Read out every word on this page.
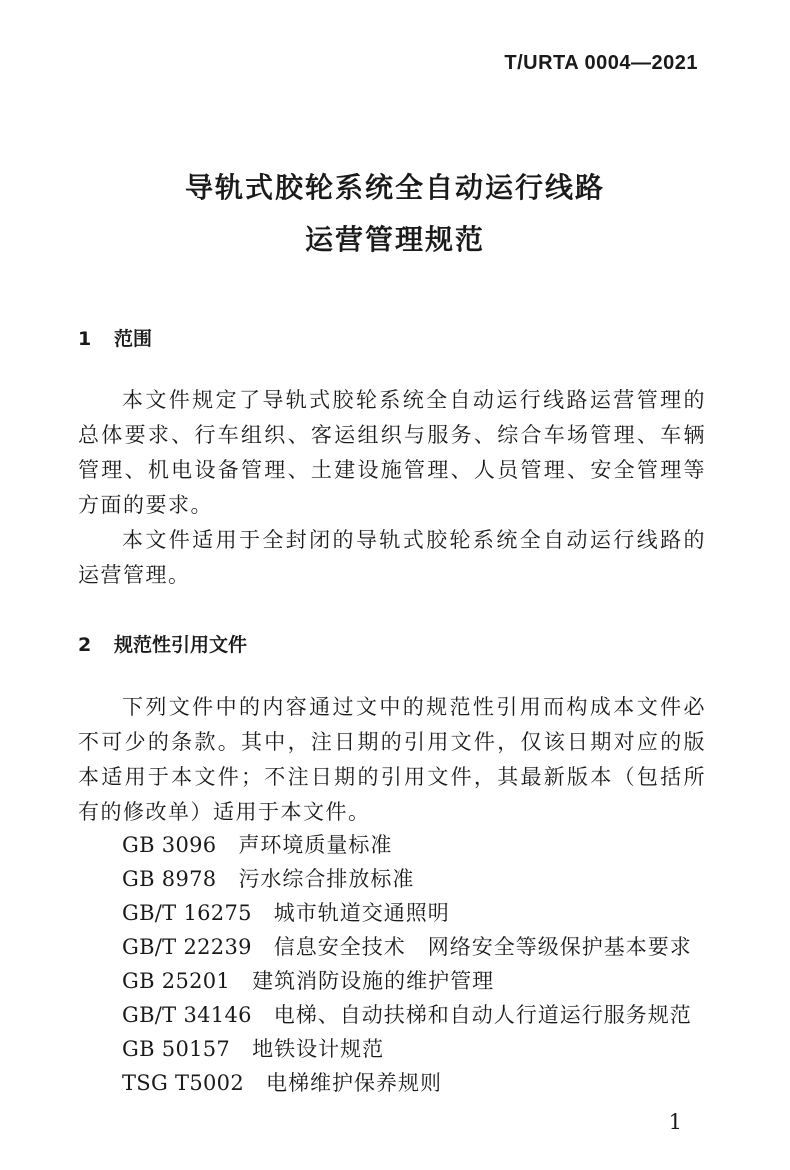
T/URTA 0004—2021
导轨式胶轮系统全自动运行线路
运营管理规范
1 范围

本文件规定了导轨式胶轮系统全自动运行线路运营管理的总体要求、行车组织、客运组织与服务、综合车场管理、车辆管理、机电设备管理、土建设施管理、人员管理、安全管理等方面的要求。

本文件适用于全封闭的导轨式胶轮系统全自动运行线路的运营管理。

2 规范性引用文件

下列文件中的内容通过文中的规范性引用而构成本文件必不可少的条款。其中，注日期的引用文件，仅该日期对应的版本适用于本文件；不注日期的引用文件，其最新版本（包括所有的修改单）适用于本文件。

GB 3096 声环境质量标准
GB 8978 污水综合排放标准
GB/T 16275 城市轨道交通照明
GB/T 22239 信息安全技术　网络安全等级保护基本要求
GB 25201 建筑消防设施的维护管理
GB/T 34146 电梯、自动扶梯和自动人行道运行服务规范
GB 50157 地铁设计规范
TSG T5002 电梯维护保养规则
1
